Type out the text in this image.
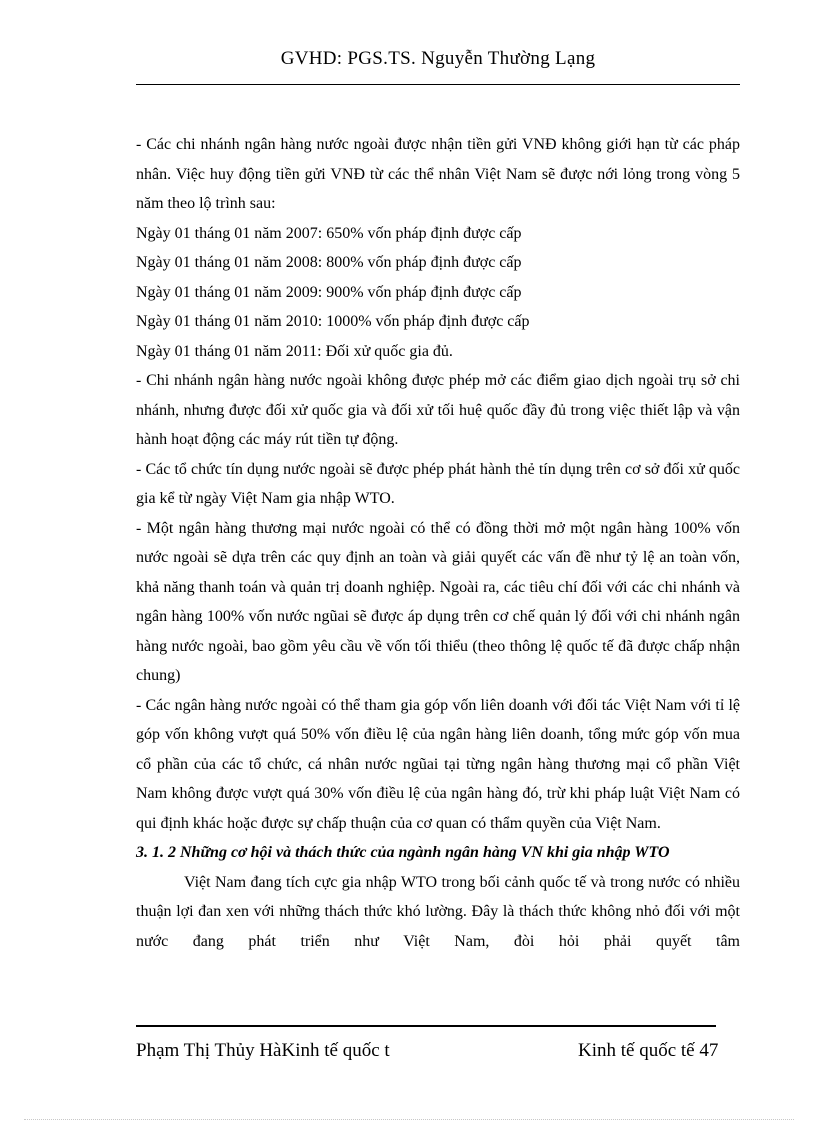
GVHD: PGS.TS. Nguyễn Thường Lạng

- Các chi nhánh ngân hàng nước ngoài được nhận tiền gửi VNĐ không giới hạn từ các pháp nhân. Việc huy động tiền gửi VNĐ từ các thể nhân Việt Nam sẽ được nới lỏng trong vòng 5 năm theo lộ trình sau:

Ngày 01 tháng 01 năm 2007: 650% vốn pháp định được cấp

Ngày 01 tháng 01 năm 2008: 800% vốn pháp định được cấp

Ngày 01 tháng 01 năm 2009: 900% vốn pháp định được cấp

Ngày 01 tháng 01 năm 2010: 1000% vốn pháp định được cấp

Ngày 01 tháng 01 năm 2011: Đối xử quốc gia đủ.

- Chi nhánh ngân hàng nước ngoài không được phép mở các điểm giao dịch ngoài trụ sở chi nhánh, nhưng được đối xử quốc gia và đối xử tối huệ quốc đầy đủ trong việc thiết lập và vận hành hoạt động các máy rút tiền tự động.

- Các tổ chức tín dụng nước ngoài sẽ được phép phát hành thẻ tín dụng trên cơ sở đối xử quốc gia kể từ ngày Việt Nam gia nhập WTO.

- Một ngân hàng thương mại nước ngoài có thể có đồng thời mở một ngân hàng 100% vốn nước ngoài sẽ dựa trên các quy định an toàn và giải quyết các vấn đề như tỷ lệ an toàn vốn, khả năng thanh toán và quản trị doanh nghiệp. Ngoài ra, các tiêu chí đối với các chi nhánh và ngân hàng 100% vốn nước ngũai sẽ được áp dụng trên cơ chế quản lý đối với chi nhánh ngân hàng nước ngoài, bao gồm yêu cầu về vốn tối thiểu (theo thông lệ quốc tế đã được chấp nhận chung)

- Các ngân hàng nước ngoài có thể tham gia góp vốn liên doanh với đối tác Việt Nam với tỉ lệ góp vốn không vượt quá 50% vốn điều lệ của ngân hàng liên doanh, tổng mức góp vốn mua cổ phần của các tổ chức, cá nhân nước ngũai tại từng ngân hàng thương mại cổ phần Việt Nam không được vượt quá 30% vốn điều lệ của ngân hàng đó, trừ khi pháp luật Việt Nam có qui định khác hoặc được sự chấp thuận của cơ quan có thẩm quyền của Việt Nam.

3. 1. 2 Những cơ hội và thách thức của ngành ngân hàng VN khi gia nhập WTO

Việt Nam đang tích cực gia nhập WTO trong bối cảnh quốc tế và trong nước có nhiều thuận lợi đan xen với những thách thức khó lường. Đây là thách thức không nhỏ đối với một nước đang phát triển như Việt Nam, đòi hỏi phải quyết tâm

Phạm Thị Thủy HàKinh tế quốc t	Kinh tế quốc tế 47
